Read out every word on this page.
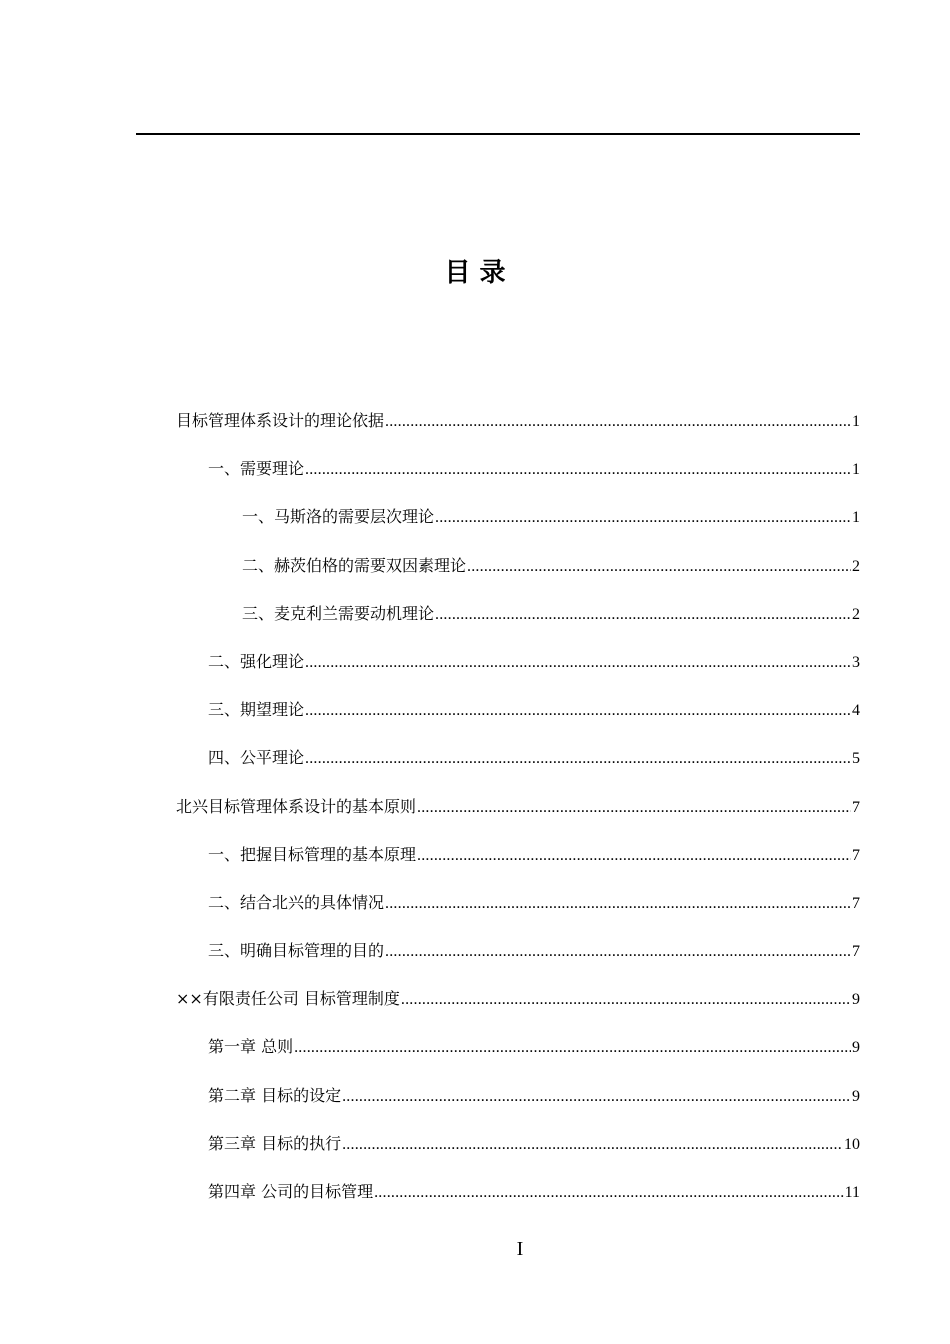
目 录
目标管理体系设计的理论依据 .....	1
一、需要理论 .....	1
一、马斯洛的需要层次理论 .....	1
二、赫茨伯格的需要双因素理论 .....	2
三、麦克利兰需要动机理论 .....	2
二、强化理论 .....	3
三、期望理论 .....	4
四、公平理论 .....	5
北兴目标管理体系设计的基本原则 .....	7
一、把握目标管理的基本原理 .....	7
二、结合北兴的具体情况 .....	7
三、明确目标管理的目的 .....	7
××有限责任公司 目标管理制度 .....	9
第一章 总则 .....	9
第二章 目标的设定 .....	9
第三章 目标的执行 .....	10
第四章 公司的目标管理 .....	11
I
